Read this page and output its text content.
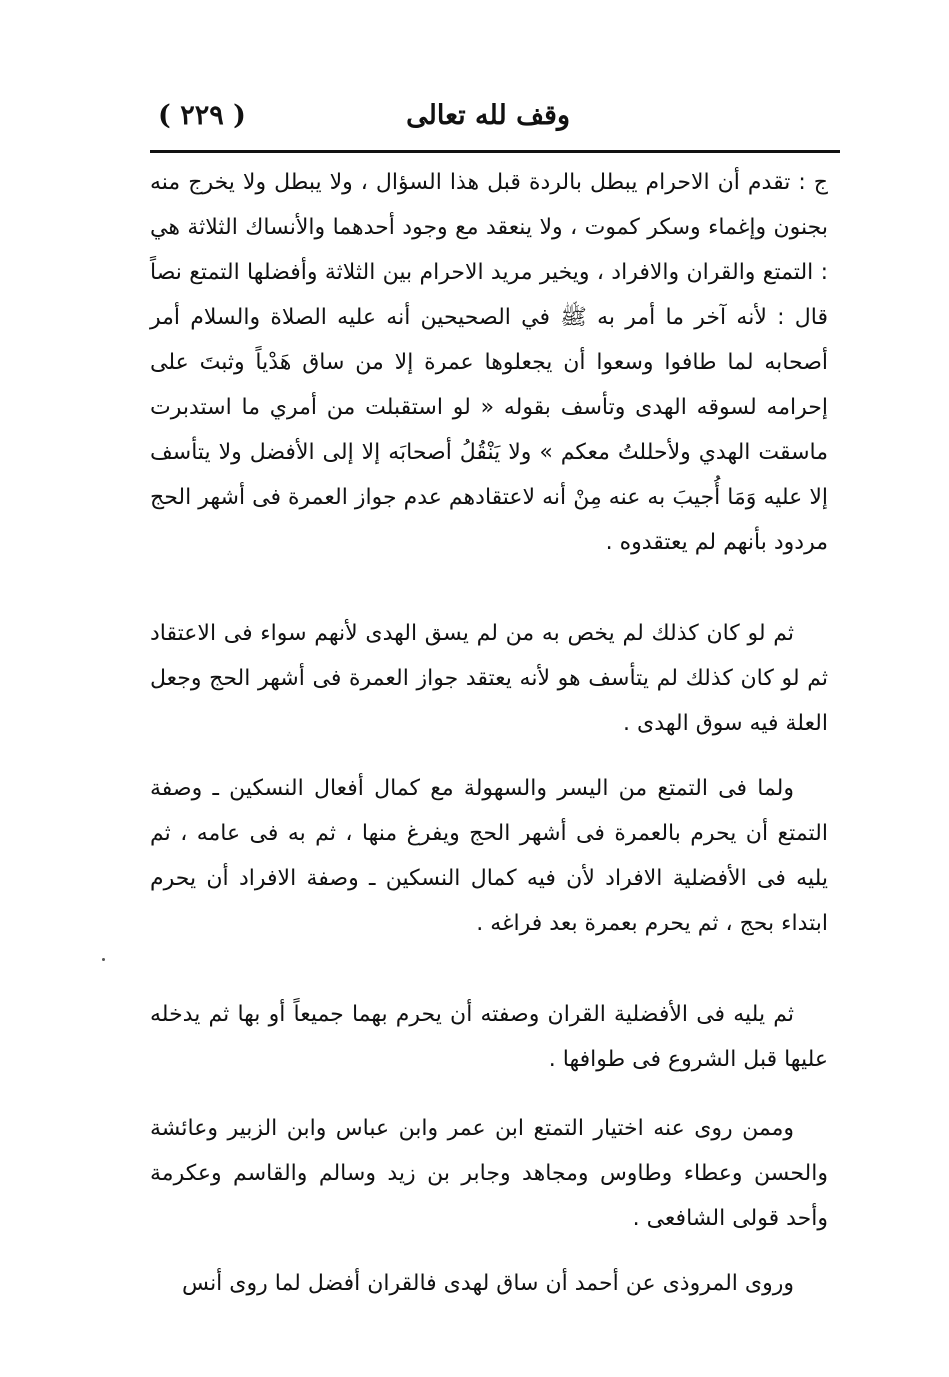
وقف لله تعالى
( ٢٢٩ )

ج : تقدم أن الاحرام يبطل بالردة قبل هذا السؤال ، ولا يبطل ولا يخرج منه بجنون وإغماء وسكر كموت ، ولا ينعقد مع وجود أحدهما والأنساك الثلاثة هي : التمتع والقران والافراد ، ويخير مريد الاحرام بين الثلاثة وأفضلها التمتع نصاً قال : لأنه آخر ما أمر به ﷺ في الصحيحين أنه عليه الصلاة والسلام أمر أصحابه لما طافوا وسعوا أن يجعلوها عمرة إلا من ساق هَدْياً وثبتَ على إحرامه لسوقه الهدى وتأسف بقوله « لو استقبلت من أمري ما استدبرت ماسقت الهدي ولأحللتُ معكم » ولا يَنْقُلُ أصحابَه إلا إلى الأفضل ولا يتأسف إلا عليه وَمَا أُجيبَ به عنه مِنْ أنه لاعتقادهم عدم جواز العمرة فى أشهر الحج مردود بأنهم لم يعتقدوه .

ثم لو كان كذلك لم يخص به من لم يسق الهدى لأنهم سواء فى الاعتقاد ثم لو كان كذلك لم يتأسف هو لأنه يعتقد جواز العمرة فى أشهر الحج وجعل العلة فيه سوق الهدى .

ولما فى التمتع من اليسر والسهولة مع كمال أفعال النسكين ـ وصفة التمتع أن يحرم بالعمرة فى أشهر الحج ويفرغ منها ، ثم به فى عامه ، ثم يليه فى الأفضلية الافراد لأن فيه كمال النسكين ـ وصفة الافراد أن يحرم ابتداء بحج ، ثم يحرم بعمرة بعد فراغه .

ثم يليه فى الأفضلية القران وصفته أن يحرم بهما جميعاً أو بها ثم يدخله عليها قبل الشروع فى طوافها .

وممن روى عنه اختيار التمتع ابن عمر وابن عباس وابن الزبير وعائشة والحسن وعطاء وطاوس ومجاهد وجابر بن زيد وسالم والقاسم وعكرمة وأحد قولى الشافعى .

وروى المروذى عن أحمد أن ساق لهدى فالقران أفضل لما روى أنس
